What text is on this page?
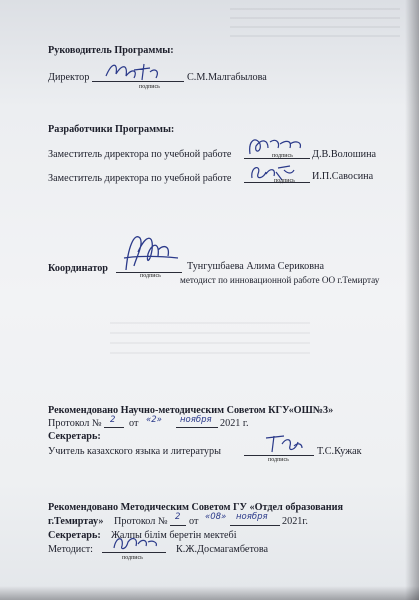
Руководитель Программы:
Директор
подпись
С.М.Малгабылова
Разработчики Программы:
Заместитель директора по учебной работе	подпись Д.В.Волошина
Заместитель директора по учебной работе	подпись И.П.Савосина
Координатор
подпись
Тунгушбаева Алима Сериковна
методист по инновационной работе ОО г.Темиртау
Рекомендовано Научно-методическим Советом КГУ«ОШ№3»
Протокол № 2 от «2» ноября 2021 г.
Секретарь:
Учитель казахского языка и литературы
подпись
Т.С.Кужак
Рекомендовано Методическим Советом ГУ «Отдел образования
г.Темиртау» Протокол № 2 от «08» ноября 2021г.
Секретарь: Жалпы білім беретін мектебі
Методист:
подпись
К.Ж.Досмагамбетова
